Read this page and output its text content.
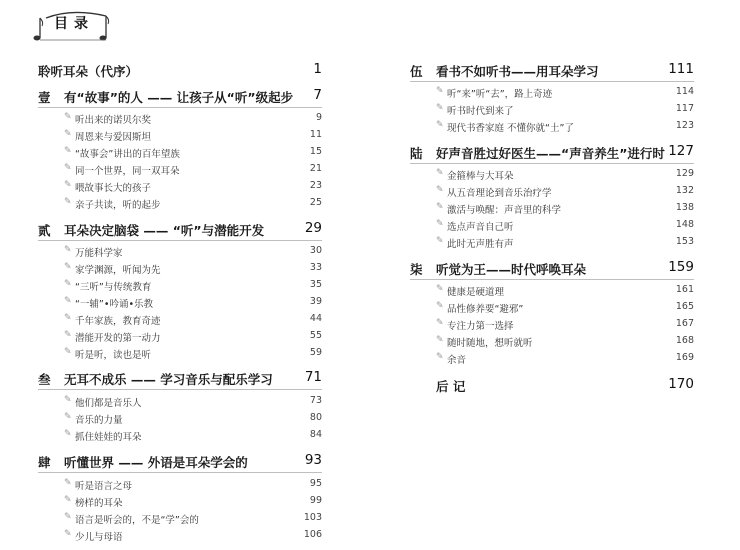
目录
聆听耳朵（代序）	1
壹 有“故事”的人 —— 让孩子从“听”级起步 7
✎ 听出来的诺贝尔奖	9
✎ 周恩来与爱因斯坦	11
✎ “故事会”讲出的百年望族	15
✎ 同一个世界，同一双耳朵	21
✎ 喂故事长大的孩子	23
✎ 亲子共读，听的起步	25
贰 耳朵决定脑袋 —— “听”与潜能开发	29
✎ 万能科学家	30
✎ 家学渊源，听闻为先	33
✎ “三听”与传统教育	35
✎ “一辅”•吟诵•乐教	39
✎ 千年家族，教育奇迹	44
✎ 潜能开发的第一动力	55
✎ 听是听，读也是听	59
叁 无耳不成乐 —— 学习音乐与配乐学习 71
✎ 他们都是音乐人	73
✎ 音乐的力量	80
✎ 抓住娃娃的耳朵	84
肆 听懂世界 —— 外语是耳朵学会的	93
✎ 听是语言之母	95
✎ 榜样的耳朵	99
✎ 语言是听会的，不是“学”会的	103
✎ 少儿与母语	106
伍 看书不如听书——用耳朵学习	111
✎ 听“来”听“去”，路上奇迹	114
✎ 听书时代到来了	117
✎ 现代书香家庭 不懂你就“土”了	123
陆 好声音胜过好医生——“声音养生”进行时 127
✎ 金箍棒与大耳朵	129
✎ 从五音理论到音乐治疗学	132
✎ 激活与唤醒：声音里的科学	138
✎ 选点声音自己听	148
✎ 此时无声胜有声	153
柒 听觉为王——时代呼唤耳朵	159
✎ 健康是硬道理	161
✎ 品性修养要“避邪”	165
✎ 专注力第一选择	167
✎ 随时随地，想听就听	168
✎ 余音	169
后 记	170
